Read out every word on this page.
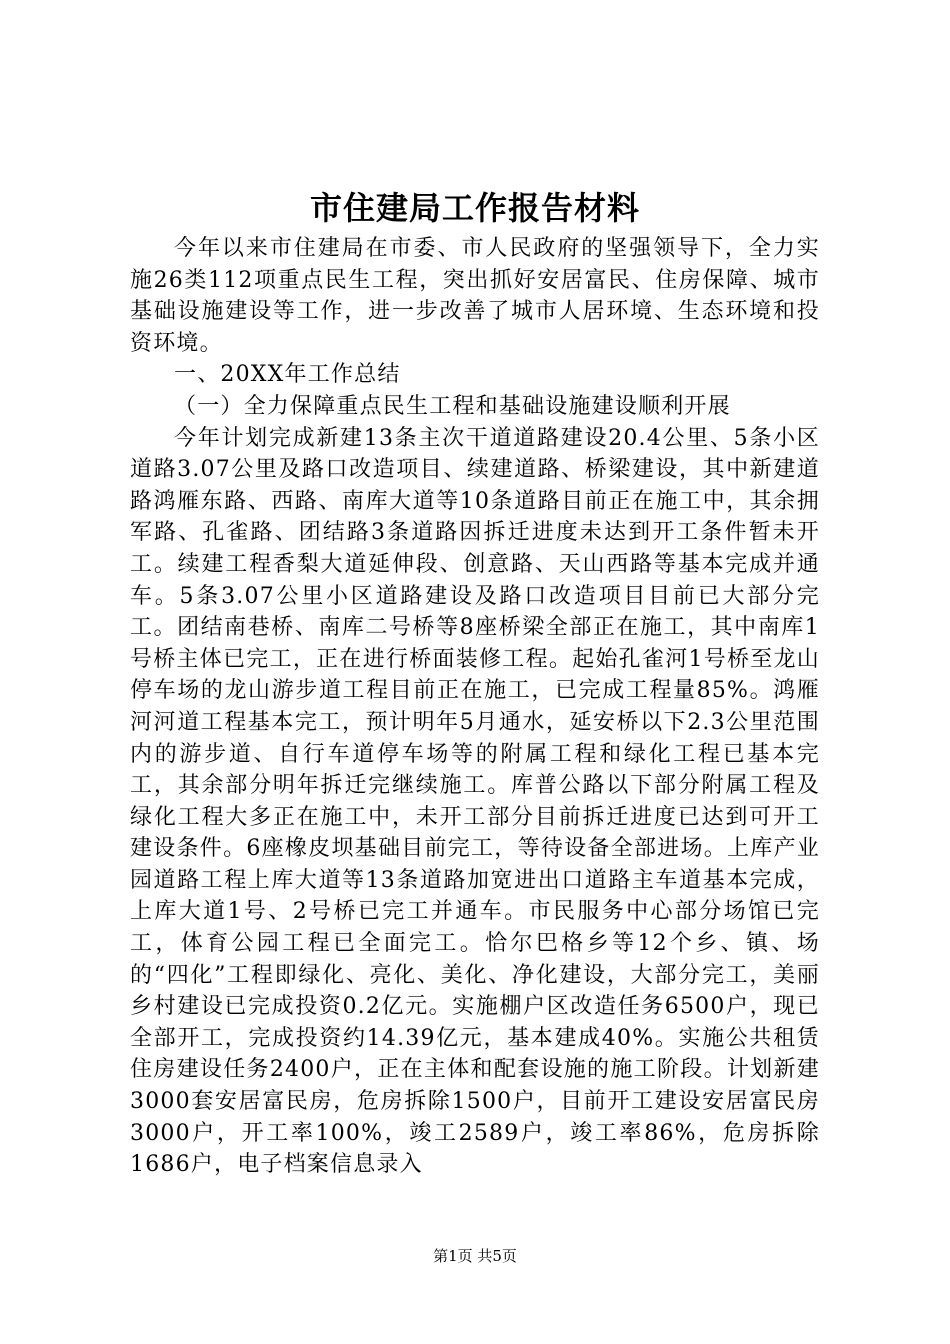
市住建局工作报告材料

今年以来市住建局在市委、市人民政府的坚强领导下，全力实施26类112项重点民生工程，突出抓好安居富民、住房保障、城市基础设施建设等工作，进一步改善了城市人居环境、生态环境和投资环境。

一、20XX年工作总结

（一）全力保障重点民生工程和基础设施建设顺利开展

今年计划完成新建13条主次干道道路建设20.4公里、5条小区道路3.07公里及路口改造项目、续建道路、桥梁建设，其中新建道路鸿雁东路、西路、南库大道等10条道路目前正在施工中，其余拥军路、孔雀路、团结路3条道路因拆迁进度未达到开工条件暂未开工。续建工程香梨大道延伸段、创意路、天山西路等基本完成并通车。5条3.07公里小区道路建设及路口改造项目目前已大部分完工。团结南巷桥、南库二号桥等8座桥梁全部正在施工，其中南库1号桥主体已完工，正在进行桥面装修工程。起始孔雀河1号桥至龙山停车场的龙山游步道工程目前正在施工，已完成工程量85%。鸿雁河河道工程基本完工，预计明年5月通水，延安桥以下2.3公里范围内的游步道、自行车道停车场等的附属工程和绿化工程已基本完工，其余部分明年拆迁完继续施工。库普公路以下部分附属工程及绿化工程大多正在施工中，未开工部分目前拆迁进度已达到可开工建设条件。6座橡皮坝基础目前完工，等待设备全部进场。上库产业园道路工程上库大道等13条道路加宽进出口道路主车道基本完成，上库大道1号、2号桥已完工并通车。市民服务中心部分场馆已完工，体育公园工程已全面完工。恰尔巴格乡等12个乡、镇、场的“四化”工程即绿化、亮化、美化、净化建设，大部分完工，美丽乡村建设已完成投资0.2亿元。实施棚户区改造任务6500户，现已全部开工，完成投资约14.39亿元，基本建成40%。实施公共租赁住房建设任务2400户，正在主体和配套设施的施工阶段。计划新建3000套安居富民房，危房拆除1500户，目前开工建设安居富民房3000户，开工率100%，竣工2589户，竣工率86%，危房拆除1686户，电子档案信息录入

第1页 共5页
